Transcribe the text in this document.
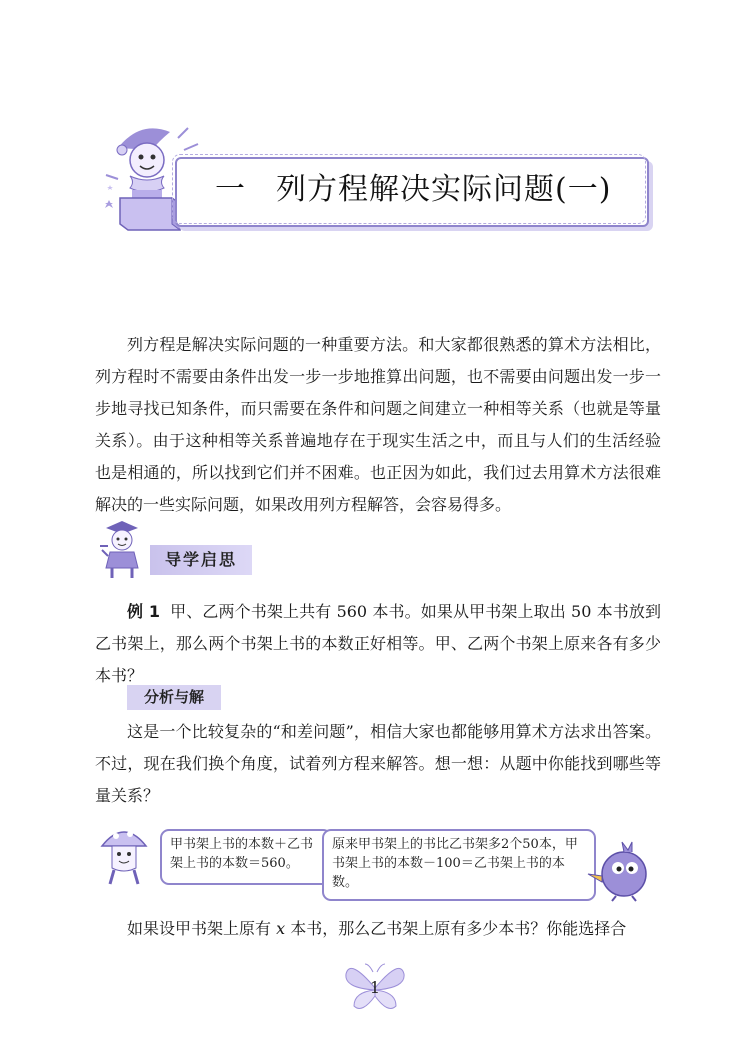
一 列方程解决实际问题(一)

列方程是解决实际问题的一种重要方法。和大家都很熟悉的算术方法相比，列方程时不需要由条件出发一步一步地推算出问题，也不需要由问题出发一步一步地寻找已知条件，而只需要在条件和问题之间建立一种相等关系（也就是等量关系）。由于这种相等关系普遍地存在于现实生活之中，而且与人们的生活经验也是相通的，所以找到它们并不困难。也正因为如此，我们过去用算术方法很难解决的一些实际问题，如果改用列方程解答，会容易得多。

导学启思

例 1 甲、乙两个书架上共有 560 本书。如果从甲书架上取出 50 本书放到乙书架上，那么两个书架上书的本数正好相等。甲、乙两个书架上原来各有多少本书？

分析与解

这是一个比较复杂的“和差问题”，相信大家也都能够用算术方法求出答案。不过，现在我们换个角度，试着列方程来解答。想一想：从题中你能找到哪些等量关系？

甲书架上书的本数＋乙书架上书的本数＝560。
原来甲书架上的书比乙书架多2个50本，甲书架上书的本数－100＝乙书架上书的本数。

如果设甲书架上原有 x 本书，那么乙书架上原有多少本书？你能选择合

1
